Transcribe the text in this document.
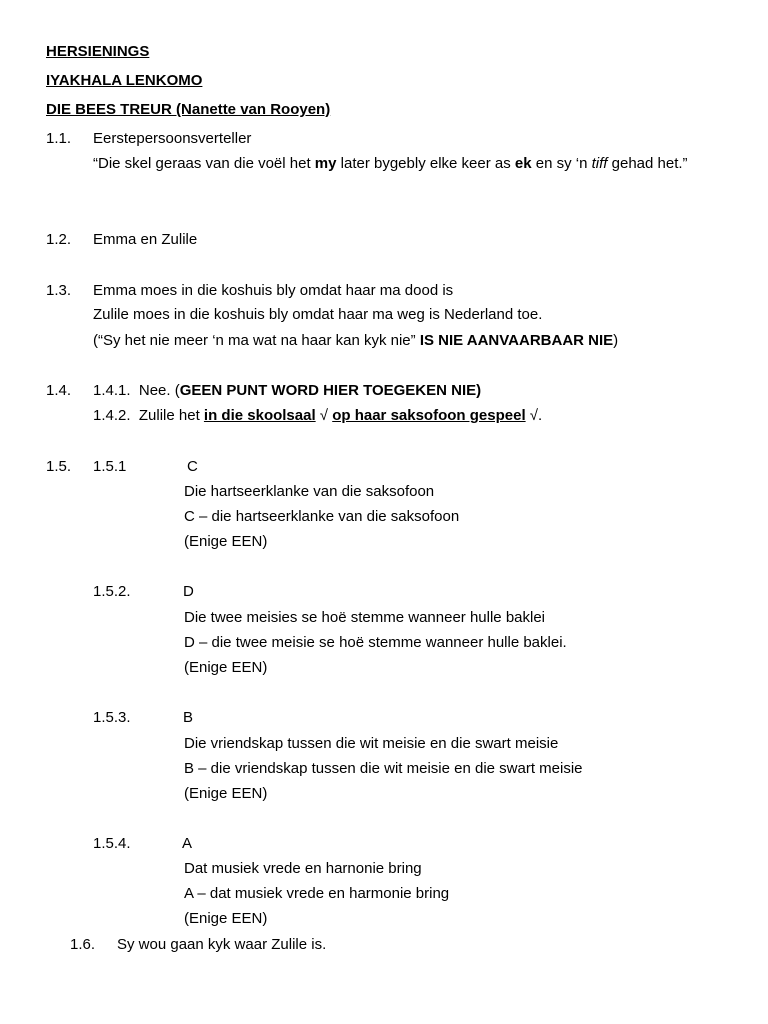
HERSIENINGS
IYAKHALA LENKOMO
DIE BEES TREUR (Nanette van Rooyen)
1.1. Eerstepersoonsverteller
“Die skel geraas van die voël het my later bygebly elke keer as ek en sy ‘n tiff gehad het.”
1.2. Emma en Zulile
1.3. Emma moes in die koshuis bly omdat haar ma dood is
Zulile moes in die koshuis bly omdat haar ma weg is Nederland toe.
(“Sy het nie meer ‘n ma wat na haar kan kyk nie” IS NIE AANVAARBAAR NIE)
1.4. 1.4.1. Nee. (GEEN PUNT WORD HIER TOEGEKEN NIE)
1.4.2. Zulile het in die skoolsaal √ op haar saksofoon gespeel √.
1.5. 1.5.1	C
Die hartseerklanke van die saksofoon
C – die hartseerklanke van die saksofoon
(Enige EEN)
1.5.2.	D
Die twee meisies se hoë stemme wanneer hulle baklei
D – die twee meisie se hoë stemme wanneer hulle baklei.
(Enige EEN)
1.5.3.	B
Die vriendskap tussen die wit meisie en die swart meisie
B – die vriendskap tussen die wit meisie en die swart meisie
(Enige EEN)
1.5.4.	A
Dat musiek vrede en harnonie bring
A – dat musiek vrede en harmonie bring
(Enige EEN)
1.6. Sy wou gaan kyk waar Zulile is.
